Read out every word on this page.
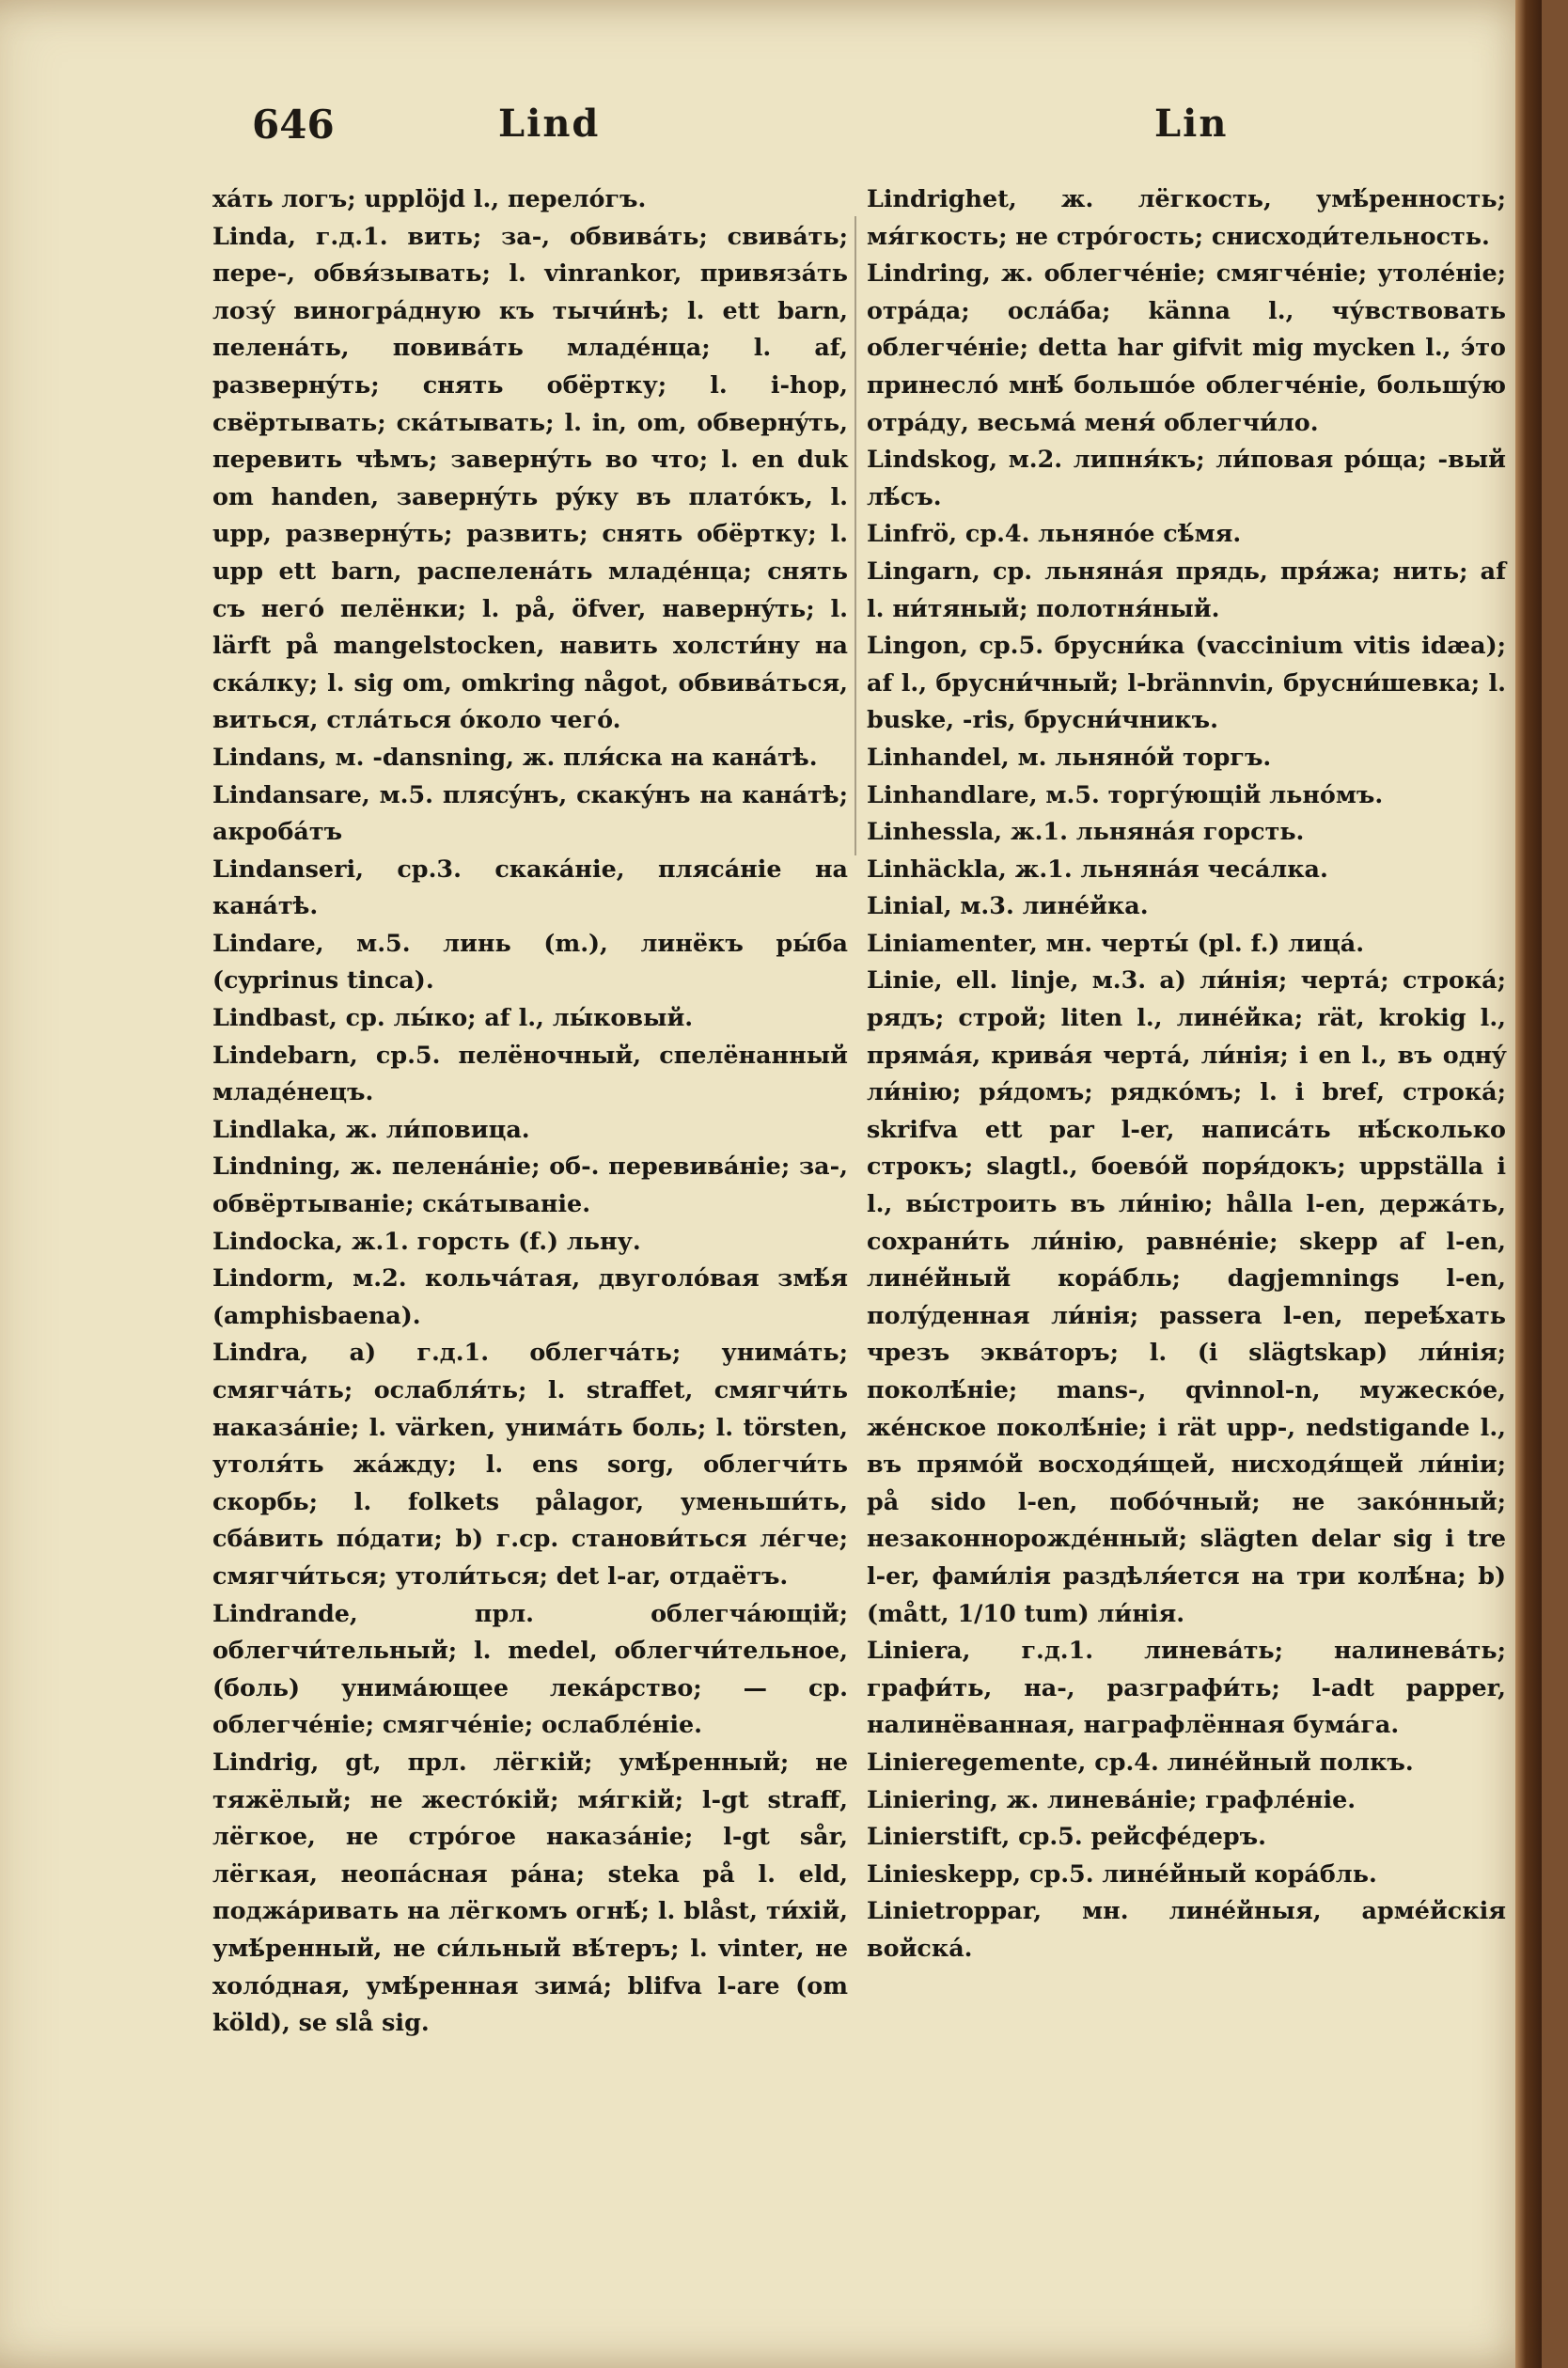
646	Lind	Lin

хáть логъ; upplöjd l., перелóгъ.

Linda, г.д.1. вить; за-, обвивáть; свивáть; пере-, обвя́зывать; l. vinrankor, привязáть лозу́ виногрáдную къ тычи́нѣ; l. ett barn, пеленáть, повивáть младéнца; l. af, развернýть; снять обёртку; l. i-hop, свёртывать; скáтывать; l. in, om, обвернýть, перевить чѣмъ; завернýть во что; l. en duk om handen, завернýть рýку въ платóкъ, l. upp, развернýть; развить; снять обёртку; l. upp ett barn, распеленáть младéнца; снять съ негó пелёнки; l. på, öfver, навернýть; l. lärft på mangelstocken, навить холсти́ну на скáлку; l. sig om, omkring något, обвивáться, виться, стлáться óколо чегó.

Lindans, м. -dansning, ж. пля́ска на канáтѣ.

Lindansare, м.5. плясýнъ, скакýнъ на канáтѣ; акробáтъ

Lindanseri, ср.3. скакáніе, плясáніе на канáтѣ.

Lindare, м.5. линь (m.), линёкъ ры́ба (cyprinus tinca).

Lindbast, ср. лы́ко; af l., лы́ковый.

Lindebarn, ср.5. пелёночный, спелёнанный младéнецъ.

Lindlaka, ж. ли́повица.

Lindning, ж. пеленáніе; об-. перевивáніе; за-, обвёртываніе; скáтываніе.

Lindocka, ж.1. горсть (f.) льну.

Lindorm, м.2. кольчáтая, двуголóвая змѣ́я (amphisbaena).

Lindra, a) г.д.1. облегчáть; унимáть; смягчáть; ослабля́ть; l. straffet, смягчи́ть наказáніе; l. värken, унимáть боль; l. törsten, утоля́ть жáжду; l. ens sorg, облегчи́ть скорбь; l. folkets pålagor, уменьши́ть, сбáвить пóдати; b) г.ср. станови́ться лéгче; смягчи́ться; утоли́ться; det l-ar, отдаётъ.

Lindrande, прл. облегчáющій; облегчи́тельный; l. medel, облегчи́тельное, (боль) унимáющее лекáрство; — ср. облегчéніе; смягчéніе; ослаблéніе.

Lindrig, gt, прл. лёгкій; умѣ́ренный; не тяжёлый; не жестóкій; мя́гкій; l-gt straff, лёгкое, не стрóгое наказáніе; l-gt sår, лёгкая, неопáсная рáна; steka på l. eld, поджáривать на лёгкомъ огнѣ́; l. blåst, ти́хій, умѣ́ренный, не си́льный вѣ́теръ; l. vinter, не холóдная, умѣ́ренная зимá; blifva l-are (om köld), se slå sig.

Lindrighet, ж. лёгкость, умѣ́ренность; мя́гкость; не стрóгость; снисходи́тельность.

Lindring, ж. облегчéніе; смягчéніе; утолéніе; отрáда; ослáба; känna l., чу́вствовать облегчéніе; detta har gifvit mig mycken l., э́то принеслó мнѣ́ большóе облегчéніе, большýю отрáду, весьмá меня́ облегчи́ло.

Lindskog, м.2. липня́къ; ли́повая рóща; -вый лѣ́съ.

Linfrö, ср.4. льнянóе сѣ́мя.

Lingarn, ср. льнянáя прядь, пря́жа; нить; af l. ни́тяный; полотня́ный.

Lingon, ср.5. брусни́ка (vaccinium vitis idæa); af l., брусни́чный; l-brännvin, брусни́шевка; l. buske, -ris, брусни́чникъ.

Linhandel, м. льнянóй торгъ.

Linhandlare, м.5. торгýющій льнóмъ.

Linhessla, ж.1. льнянáя горсть.

Linhäckla, ж.1. льнянáя чесáлка.

Linial, м.3. линéйка.

Liniamenter, мн. черты́ (pl. f.) лицá.

Linie, ell. linje, м.3. a) ли́нія; чертá; строкá; рядъ; строй; liten l., линéйка; rät, krokig l., прямáя, кривáя чертá, ли́нія; i en l., въ однý ли́нію; ря́домъ; рядкóмъ; l. i bref, строкá; skrifva ett par l-er, написáть нѣ́сколько строкъ; slagtl., боевóй поря́докъ; uppställa i l., вы́строить въ ли́нію; hålla l-en, держáть, сохрани́ть ли́нію, равнéніе; skepp af l-en, линéйный корáбль; dagjemnings l-en, полýденная ли́нія; passera l-en, переѣ́хать чрезъ эквáторъ; l. (i slägtskap) ли́нія; поколѣ́ніе; mans-, qvinnol-n, мужескóе, жéнское поколѣ́ніе; i rät upp-, nedstigande l., въ прямóй восходя́щей, нисходя́щей ли́ніи; på sido l-en, побóчный; не закóнный; незаконнорождéнный; slägten delar sig i tre l-er, фами́лія раздѣля́ется на три колѣ́на; b) (mått, 1/10 tum) ли́нія.

Liniera, г.д.1. линевáть; налиневáть; графи́ть, на-, разграфи́ть; l-adt papper, налинёванная, награфлённая бумáга.

Linieregemente, ср.4. линéйный полкъ.

Liniering, ж. линевáніе; графлéніе.

Linierstift, ср.5. рейсфéдеръ.

Linieskepp, ср.5. линéйный корáбль.

Linietroppar, мн. линéйныя, армéйскія войскá.
